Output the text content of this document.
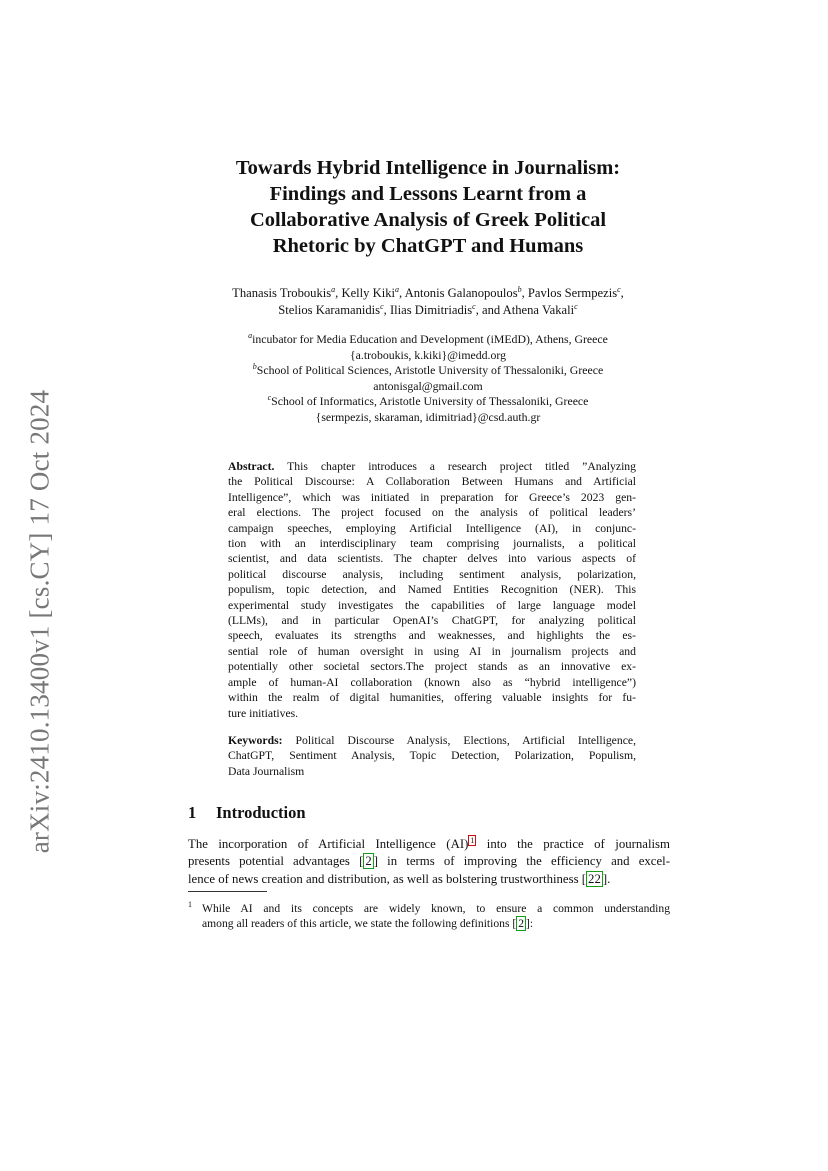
arXiv:2410.13400v1 [cs.CY] 17 Oct 2024
Towards Hybrid Intelligence in Journalism:
Findings and Lessons Learnt from a
Collaborative Analysis of Greek Political
Rhetoric by ChatGPT and Humans
Thanasis Troboukis$^a$, Kelly Kiki$^a$, Antonis Galanopoulos$^b$, Pavlos Sermpezis$^c$,
Stelios Karamanidis$^c$, Ilias Dimitriadis$^c$, and Athena Vakali$^c$
$^a$incubator for Media Education and Development (iMEdD), Athens, Greece
{a.troboukis, k.kiki}@imedd.org
$^b$School of Political Sciences, Aristotle University of Thessaloniki, Greece
antonisgal@gmail.com
$^c$School of Informatics, Aristotle University of Thessaloniki, Greece
{sermpezis, skaraman, idimitriad}@csd.auth.gr
Abstract. This chapter introduces a research project titled ”Analyzing
the Political Discourse: A Collaboration Between Humans and Artificial
Intelligence”, which was initiated in preparation for Greece’s 2023 gen-
eral elections. The project focused on the analysis of political leaders’
campaign speeches, employing Artificial Intelligence (AI), in conjunc-
tion with an interdisciplinary team comprising journalists, a political
scientist, and data scientists. The chapter delves into various aspects of
political discourse analysis, including sentiment analysis, polarization,
populism, topic detection, and Named Entities Recognition (NER). This
experimental study investigates the capabilities of large language model
(LLMs), and in particular OpenAI’s ChatGPT, for analyzing political
speech, evaluates its strengths and weaknesses, and highlights the es-
sential role of human oversight in using AI in journalism projects and
potentially other societal sectors.The project stands as an innovative ex-
ample of human-AI collaboration (known also as “hybrid intelligence”)
within the realm of digital humanities, offering valuable insights for fu-
ture initiatives.
Keywords: Political Discourse Analysis, Elections, Artificial Intelligence,
ChatGPT, Sentiment Analysis, Topic Detection, Polarization, Populism,
Data Journalism
1 Introduction
The incorporation of Artificial Intelligence (AI) $^1$ into the practice of journalism
presents potential advantages [ 2 ] in terms of improving the efficiency and excel-
lence of news creation and distribution, as well as bolstering trustworthiness [ 22 ].
1 While AI and its concepts are widely known, to ensure a common understanding
among all readers of this article, we state the following definitions [ 2 ]:
